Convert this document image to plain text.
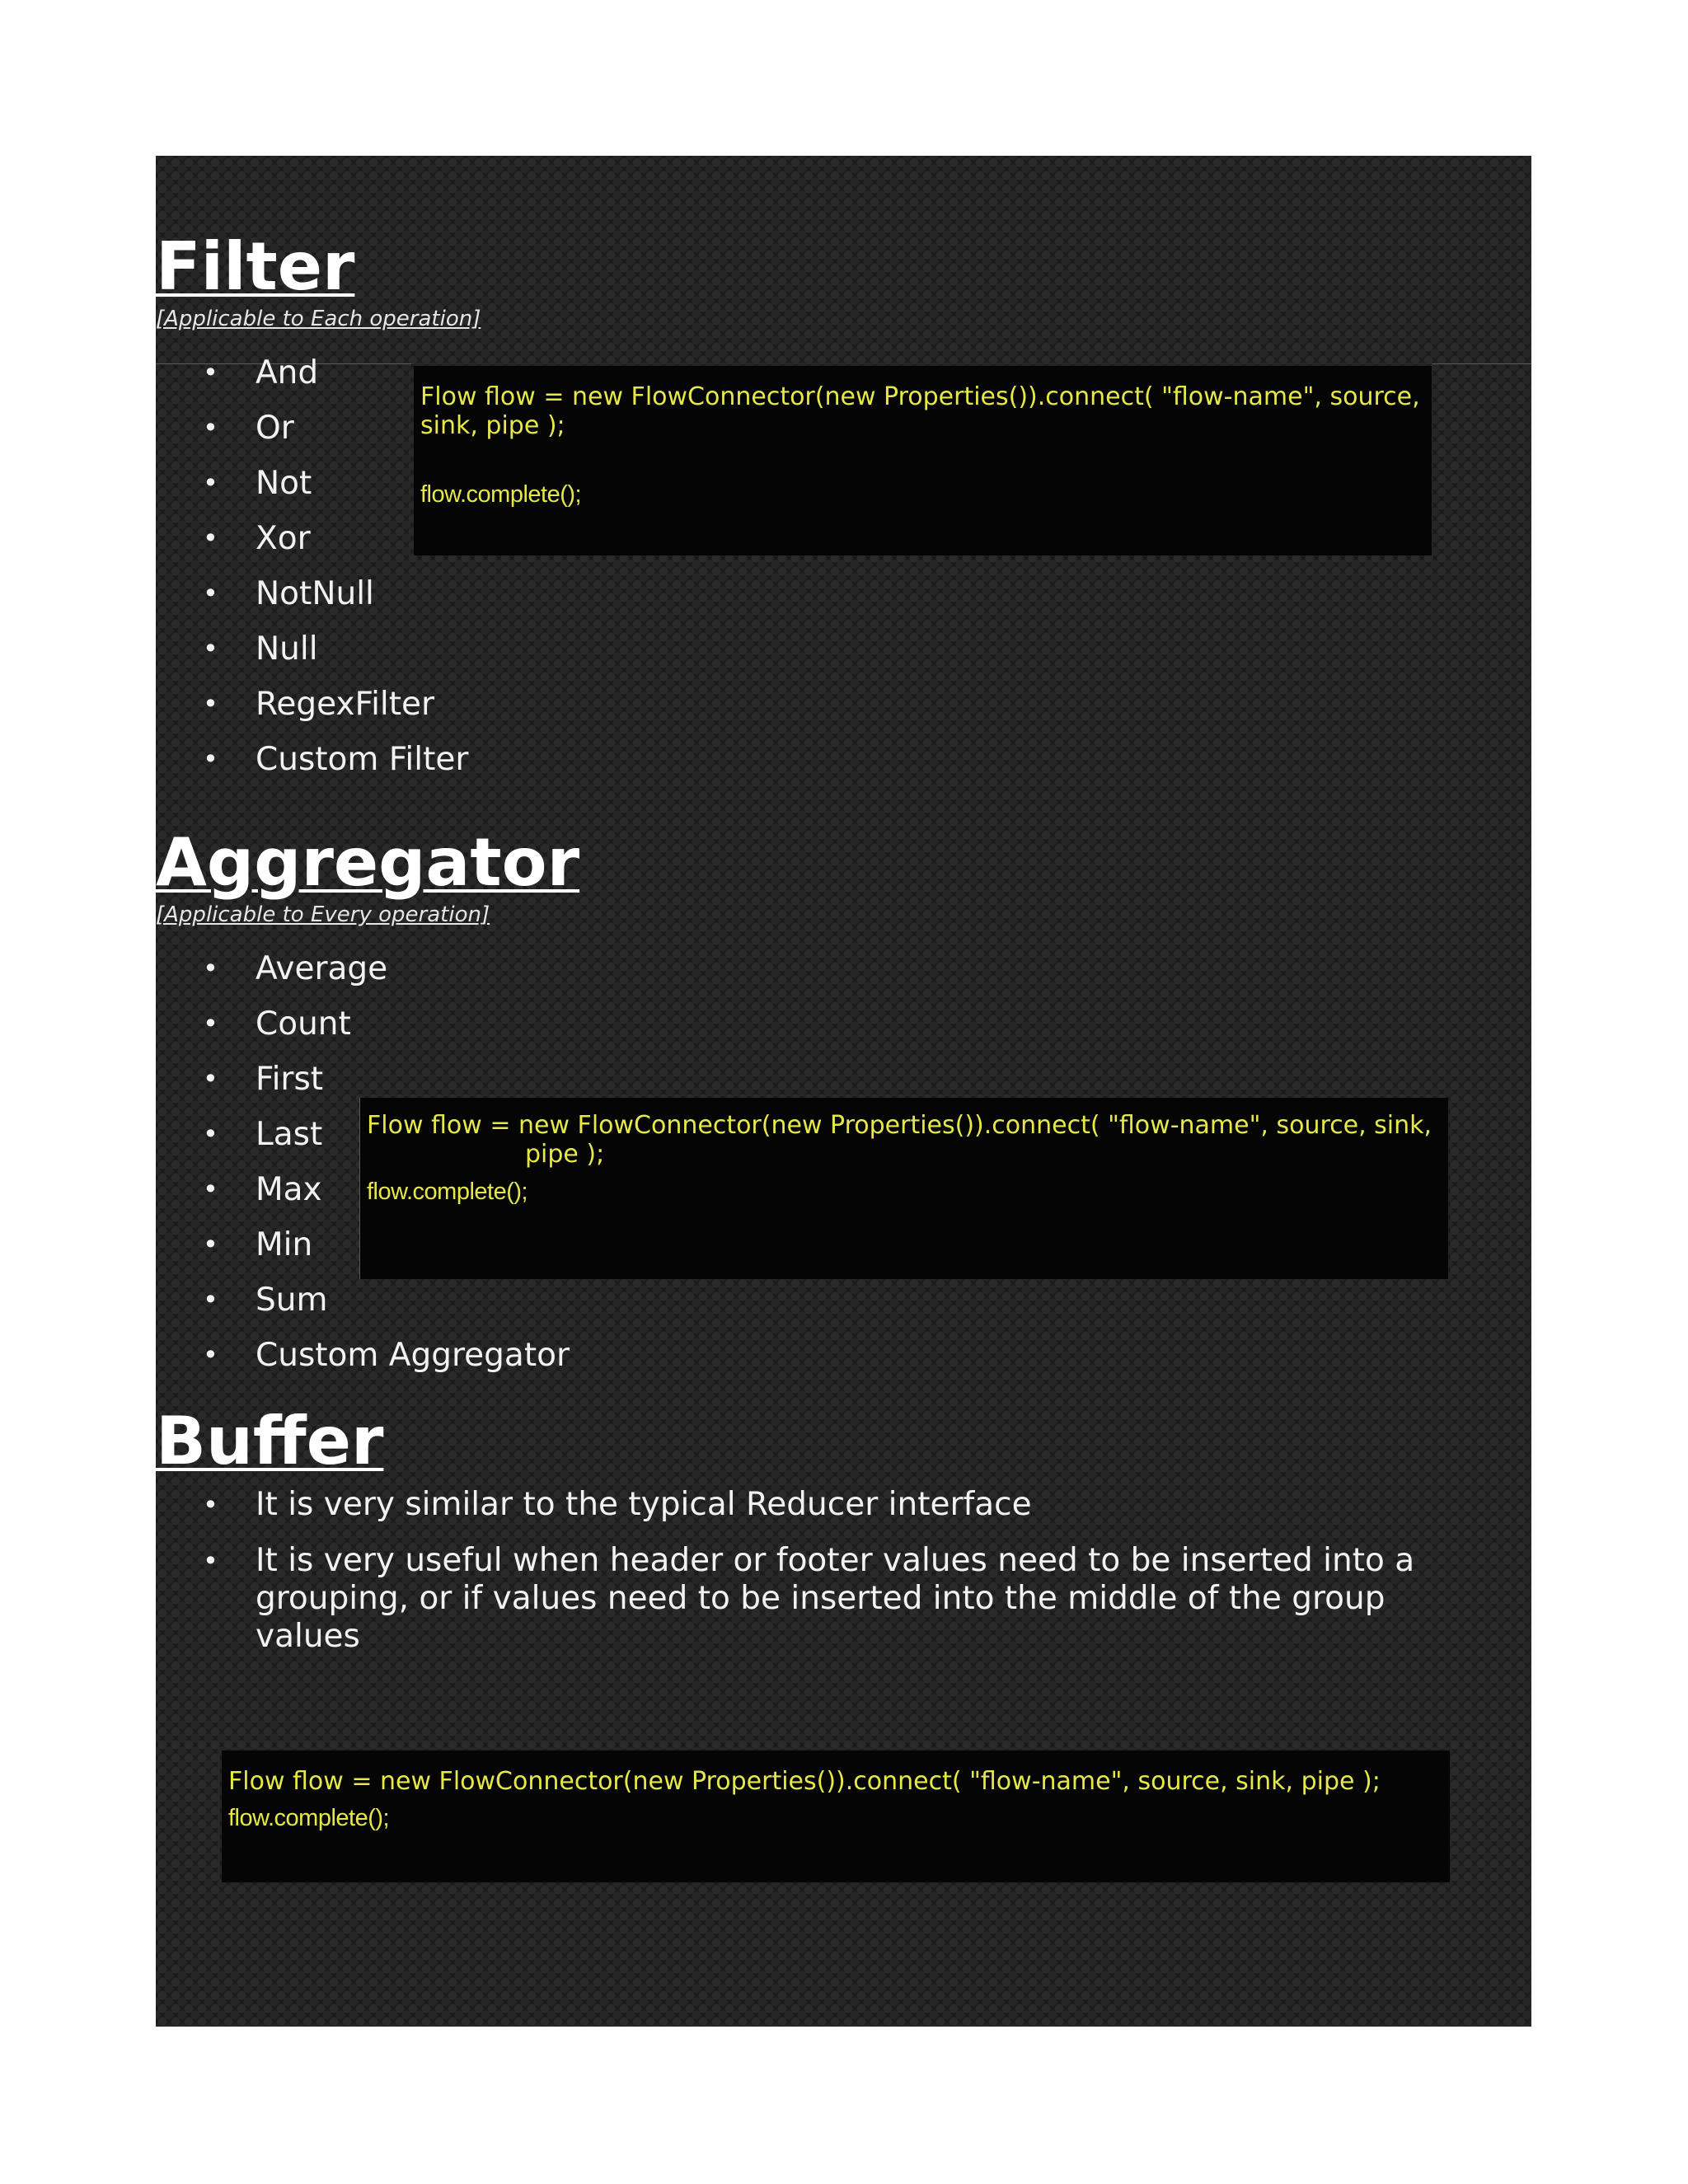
Filter
[Applicable to Each operation]
• And
• Or
• Not
• Xor
• NotNull
• Null
• RegexFilter
• Custom Filter
Flow flow = new FlowConnector(new Properties()).connect( "flow-name", source,
sink, pipe );
flow.complete();
Aggregator
[Applicable to Every operation]
• Average
• Count
• First
• Last
• Max
• Min
• Sum
• Custom Aggregator
Flow flow = new FlowConnector(new Properties()).connect( "flow-name", source, sink,
pipe );
flow.complete();
Buffer
• It is very similar to the typical Reducer interface
• It is very useful when header or footer values need to be inserted into a grouping, or if values need to be inserted into the middle of the group values
Flow flow = new FlowConnector(new Properties()).connect( "flow-name", source, sink, pipe );
flow.complete();
